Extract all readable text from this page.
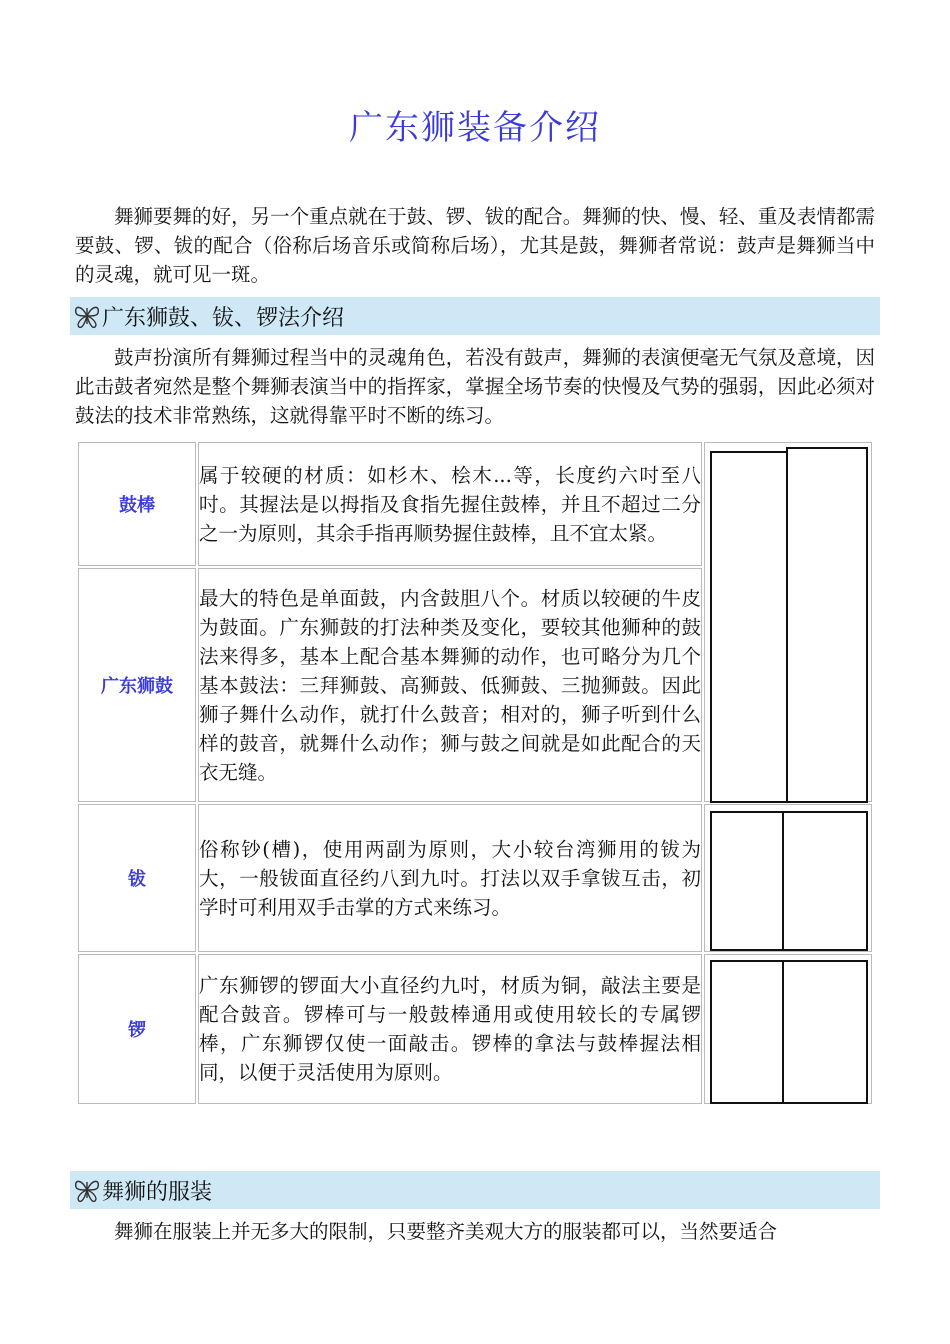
广东狮装备介绍

舞狮要舞的好，另一个重点就在于鼓、锣、钹的配合。舞狮的快、慢、轻、重及表情都需要鼓、锣、钹的配合（俗称后场音乐或简称后场），尤其是鼓，舞狮者常说：鼓声是舞狮当中的灵魂，就可见一斑。

广东狮鼓、钹、锣法介绍

鼓声扮演所有舞狮过程当中的灵魂角色，若没有鼓声，舞狮的表演便毫无气氛及意境，因此击鼓者宛然是整个舞狮表演当中的指挥家，掌握全场节奏的快慢及气势的强弱，因此必须对鼓法的技术非常熟练，这就得靠平时不断的练习。

鼓棒	属于较硬的材质：如杉木、桧木...等，长度约六吋至八吋。其握法是以拇指及食指先握住鼓棒，并且不超过二分之一为原则，其余手指再顺势握住鼓棒，且不宜太紧。	

广东狮鼓	最大的特色是单面鼓，内含鼓胆八个。材质以较硬的牛皮为鼓面。广东狮鼓的打法种类及变化，要较其他狮种的鼓法来得多，基本上配合基本舞狮的动作，也可略分为几个基本鼓法：三拜狮鼓、高狮鼓、低狮鼓、三抛狮鼓。因此狮子舞什么动作，就打什么鼓音；相对的，狮子听到什么样的鼓音，就舞什么动作；狮与鼓之间就是如此配合的天衣无缝。	
钹	俗称钞(槽)，使用两副为原则，大小较台湾狮用的钹为大，一般钹面直径约八到九吋。打法以双手拿钹互击，初学时可利用双手击掌的方式来练习。	

锣	广东狮锣的锣面大小直径约九吋，材质为铜，敲法主要是配合鼓音。锣棒可与一般鼓棒通用或使用较长的专属锣棒，广东狮锣仅使一面敲击。锣棒的拿法与鼓棒握法相同，以便于灵活使用为原则。	
舞狮的服装

舞狮在服装上并无多大的限制，只要整齐美观大方的服装都可以，当然要适合
